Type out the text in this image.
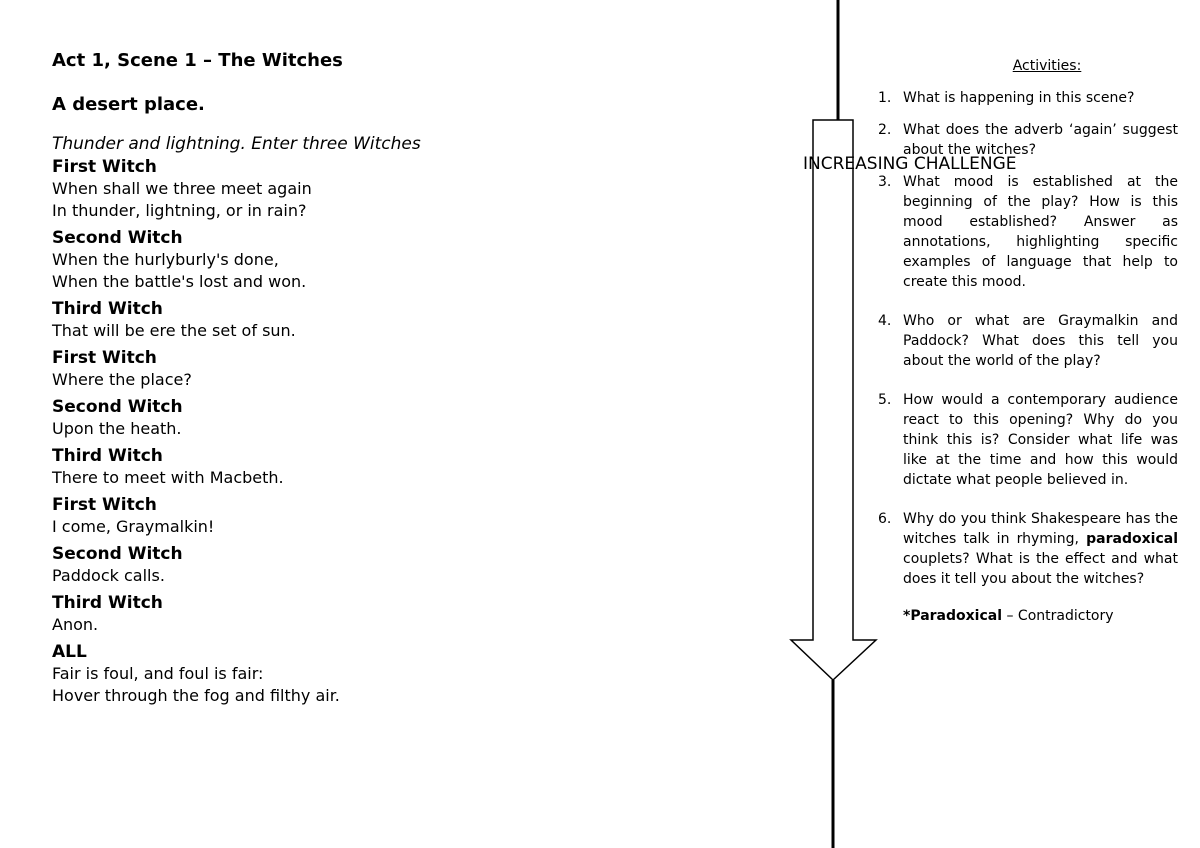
Act 1, Scene 1 – The Witches
A desert place.
Thunder and lightning. Enter three Witches
First Witch
When shall we three meet again
In thunder, lightning, or in rain?
Second Witch
When the hurlyburly's done,
When the battle's lost and won.
Third Witch
That will be ere the set of sun.
First Witch
Where the place?
Second Witch
Upon the heath.
Third Witch
There to meet with Macbeth.
First Witch
I come, Graymalkin!
Second Witch
Paddock calls.
Third Witch
Anon.
ALL
Fair is foul, and foul is fair:
Hover through the fog and filthy air.
INCREASING CHALLENGE
Activities:
1. What is happening in this scene?
2. What does the adverb ‘again’ suggest about the witches?
3. What mood is established at the beginning of the play? How is this mood established? Answer as annotations, highlighting specific examples of language that help to create this mood.
4. Who or what are Graymalkin and Paddock? What does this tell you about the world of the play?
5. How would a contemporary audience react to this opening? Why do you think this is? Consider what life was like at the time and how this would dictate what people believed in.
6. Why do you think Shakespeare has the witches talk in rhyming, paradoxical couplets? What is the effect and what does it tell you about the witches?
*Paradoxical – Contradictory
